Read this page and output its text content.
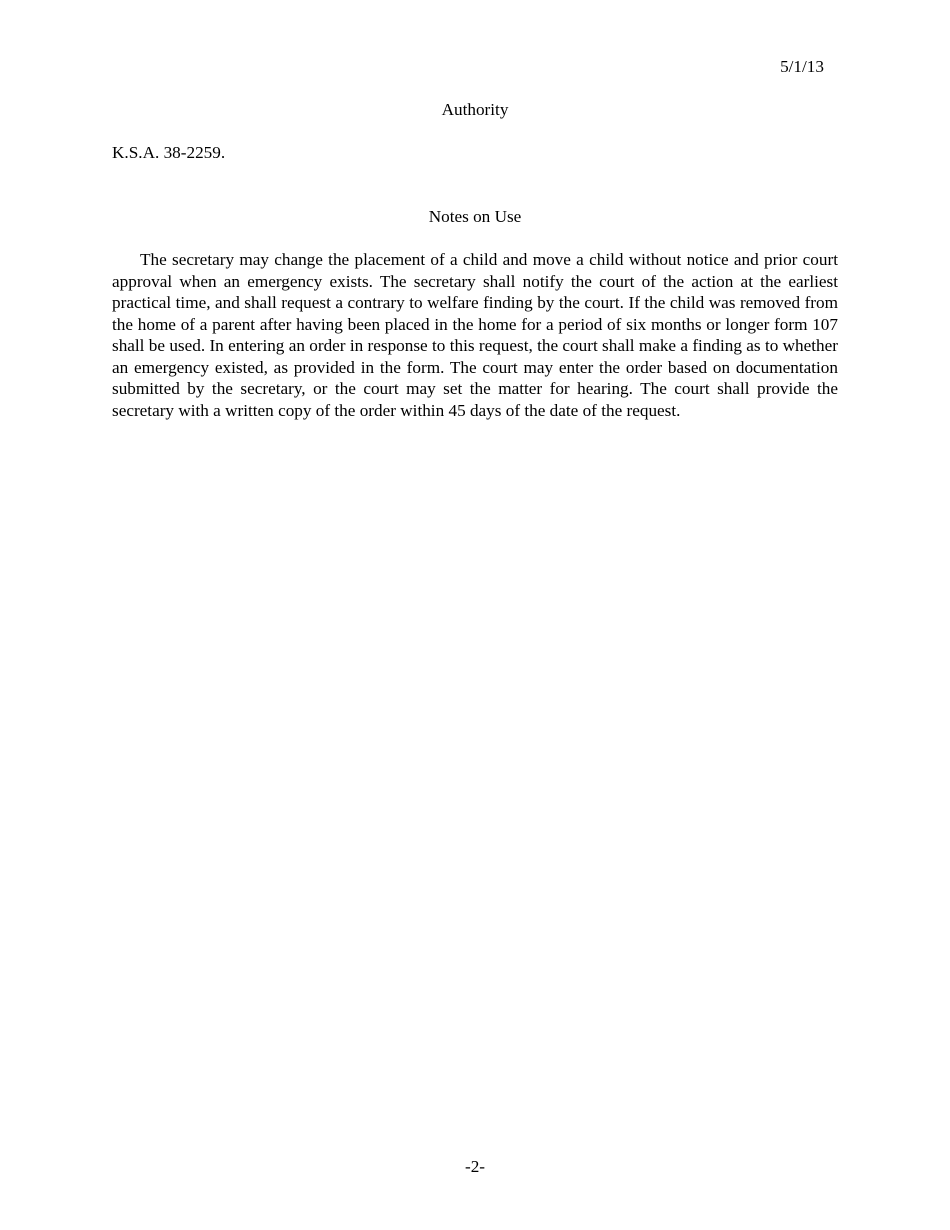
5/1/13
Authority
K.S.A. 38-2259.
Notes on Use

The secretary may change the placement of a child and move a child without notice and prior court approval when an emergency exists. The secretary shall notify the court of the action at the earliest practical time, and shall request a contrary to welfare finding by the court. If the child was removed from the home of a parent after having been placed in the home for a period of six months or longer form 107 shall be used. In entering an order in response to this request, the court shall make a finding as to whether an emergency existed, as provided in the form. The court may enter the order based on documentation submitted by the secretary, or the court may set the matter for hearing. The court shall provide the secretary with a written copy of the order within 45 days of the date of the request.

-2-
